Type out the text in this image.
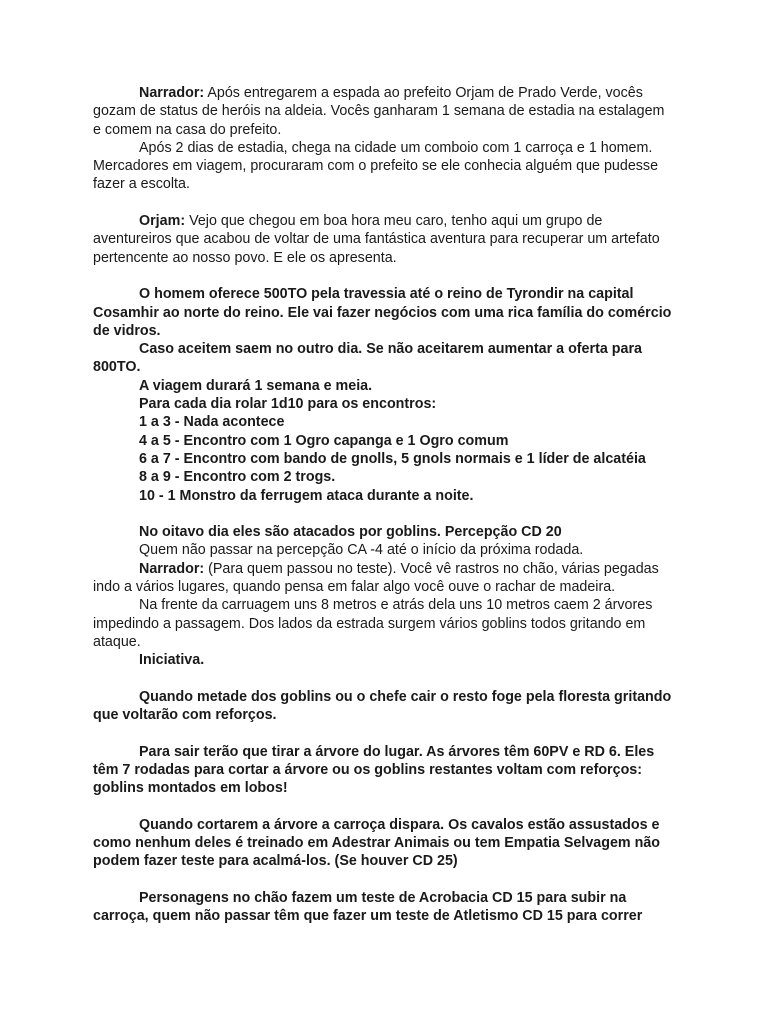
Narrador: Após entregarem a espada ao prefeito Orjam de Prado Verde, vocês gozam de status de heróis na aldeia. Vocês ganharam 1 semana de estadia na estalagem e comem na casa do prefeito.

Após 2 dias de estadia, chega na cidade um comboio com 1 carroça e 1 homem. Mercadores em viagem, procuraram com o prefeito se ele conhecia alguém que pudesse fazer a escolta.

Orjam: Vejo que chegou em boa hora meu caro, tenho aqui um grupo de aventureiros que acabou de voltar de uma fantástica aventura para recuperar um artefato pertencente ao nosso povo. E ele os apresenta.

O homem oferece 500TO pela travessia até o reino de Tyrondir na capital Cosamhir ao norte do reino. Ele vai fazer negócios com uma rica família do comércio de vidros.

Caso aceitem saem no outro dia. Se não aceitarem aumentar a oferta para 800TO.

A viagem durará 1 semana e meia.

Para cada dia rolar 1d10 para os encontros:

1 a 3 - Nada acontece

4 a 5 - Encontro com 1 Ogro capanga e 1 Ogro comum

6 a 7 - Encontro com bando de gnolls, 5 gnols normais e 1 líder de alcatéia

8 a 9 - Encontro com 2 trogs.

10 - 1 Monstro da ferrugem ataca durante a noite.

No oitavo dia eles são atacados por goblins. Percepção CD 20

Quem não passar na percepção CA -4 até o início da próxima rodada.

Narrador: (Para quem passou no teste). Você vê rastros no chão, várias pegadas indo a vários lugares, quando pensa em falar algo você ouve o rachar de madeira.

Na frente da carruagem uns 8 metros e atrás dela uns 10 metros caem 2 árvores impedindo a passagem. Dos lados da estrada surgem vários goblins todos gritando em ataque.

Iniciativa.

Quando metade dos goblins ou o chefe cair o resto foge pela floresta gritando que voltarão com reforços.

Para sair terão que tirar a árvore do lugar. As árvores têm 60PV e RD 6. Eles têm 7 rodadas para cortar a árvore ou os goblins restantes voltam com reforços: goblins montados em lobos!

Quando cortarem a árvore a carroça dispara. Os cavalos estão assustados e como nenhum deles é treinado em Adestrar Animais ou tem Empatia Selvagem não podem fazer teste para acalmá-los. (Se houver CD 25)

Personagens no chão fazem um teste de Acrobacia CD 15 para subir na carroça, quem não passar têm que fazer um teste de Atletismo CD 15 para correr
